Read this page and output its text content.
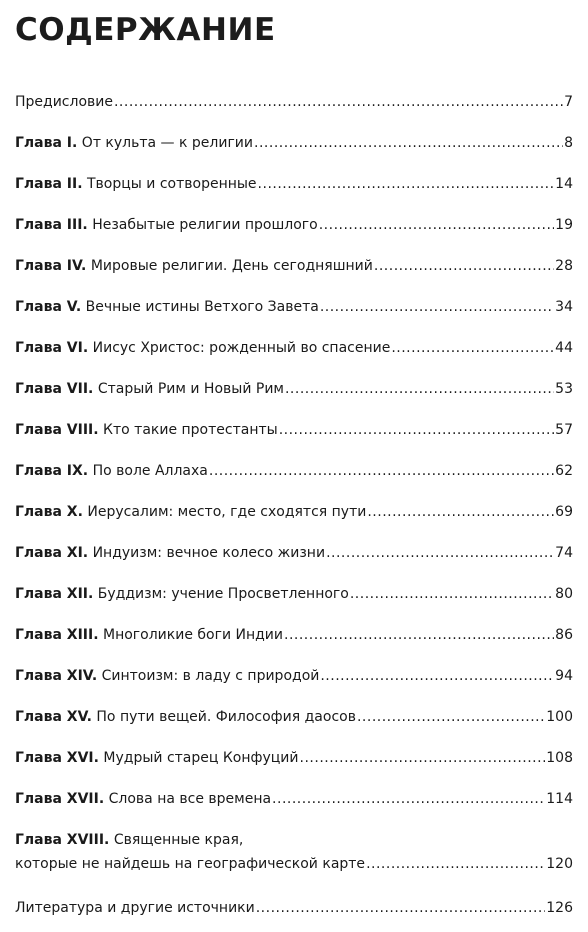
СОДЕРЖАНИЕ
Предисловие .....	7
Глава I. От культа — к религии .....	8
Глава II. Творцы и сотворенные .....	14
Глава III. Незабытые религии прошлого .....	19
Глава IV. Мировые религии. День сегодняшний .....	28
Глава V. Вечные истины Ветхого Завета .....	34
Глава VI. Иисус Христос: рожденный во спасение .....	44
Глава VII. Старый Рим и Новый Рим .....	53
Глава VIII. Кто такие протестанты .....	57
Глава IX. По воле Аллаха .....	62
Глава X. Иерусалим: место, где сходятся пути .....	69
Глава XI. Индуизм: вечное колесо жизни .....	74
Глава XII. Буддизм: учение Просветленного .....	80
Глава XIII. Многоликие боги Индии .....	86
Глава XIV. Синтоизм: в ладу с природой .....	94
Глава XV. По пути вещей. Философия даосов .....	100
Глава XVI. Мудрый старец Конфуций .....	108
Глава XVII. Слова на все времена .....	114
Глава XVIII. Священные края,
которые не найдешь на географической карте .....	120
Литература и другие источники .....	126
